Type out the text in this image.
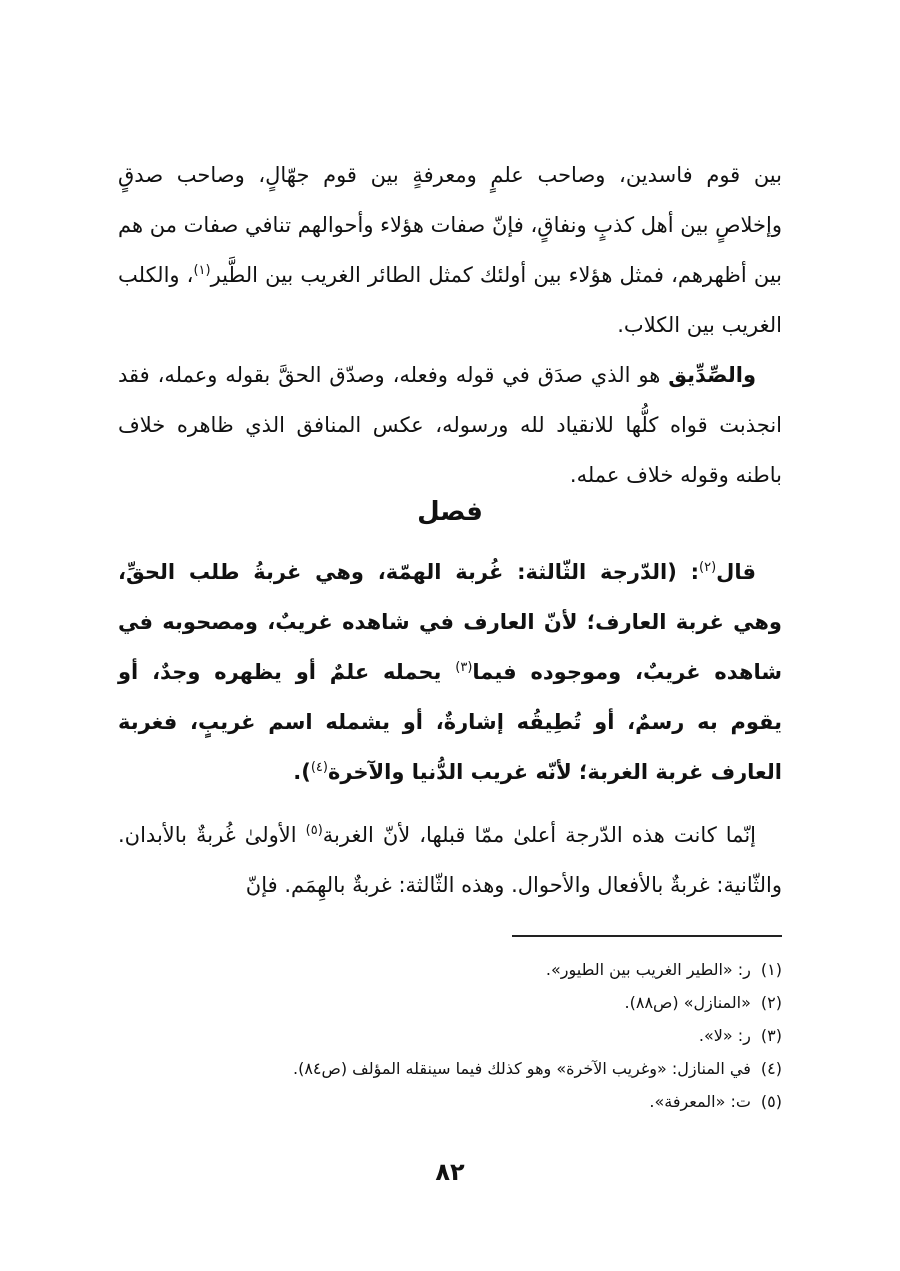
بين قوم فاسدين، وصاحب علمٍ ومعرفةٍ بين قوم جهّالٍ، وصاحب صدقٍ وإخلاصٍ بين أهل كذبٍ ونفاقٍ، فإنّ صفات هؤلاء وأحوالهم تنافي صفات من هم بين أظهرهم، فمثل هؤلاء بين أولئك كمثل الطائر الغريب بين الطَّير$^{(١)}$، والكلب الغريب بين الكلاب.

والصِّدِّيق هو الذي صدَق في قوله وفعله، وصدّق الحقَّ بقوله وعمله، فقد انجذبت قواه كلُّها للانقياد لله ورسوله، عكس المنافق الذي ظاهره خلاف باطنه وقوله خلاف عمله.

فصل

قال$^{(٢)}$: (الدّرجة الثّالثة: غُربة الهمّة، وهي غربةُ طلب الحقِّ، وهي غربة العارف؛ لأنّ العارف في شاهده غريبٌ، ومصحوبه في شاهده غريبٌ، وموجوده فيما$^{(٣)}$ يحمله علمٌ أو يظهره وجدٌ، أو يقوم به رسمٌ، أو تُطِيقُه إشارةٌ، أو يشمله اسم غريبٍ، فغربة العارف غربة الغربة؛ لأنّه غريب الدُّنيا والآخرة$^{(٤)}$).

إنّما كانت هذه الدّرجة أعلىٰ ممّا قبلها، لأنّ الغربة$^{(٥)}$ الأولىٰ غُربةٌ بالأبدان. والثّانية: غربةٌ بالأفعال والأحوال. وهذه الثّالثة: غربةٌ بالهِمَم. فإنّ

(١)ر: «الطير الغريب بين الطيور».
(٢)«المنازل» (ص٨٨).
(٣)ر: «لا».
(٤)في المنازل: «وغريب الآخرة» وهو كذلك فيما سينقله المؤلف (ص٨٤).
(٥)ت: «المعرفة».
٨٢
